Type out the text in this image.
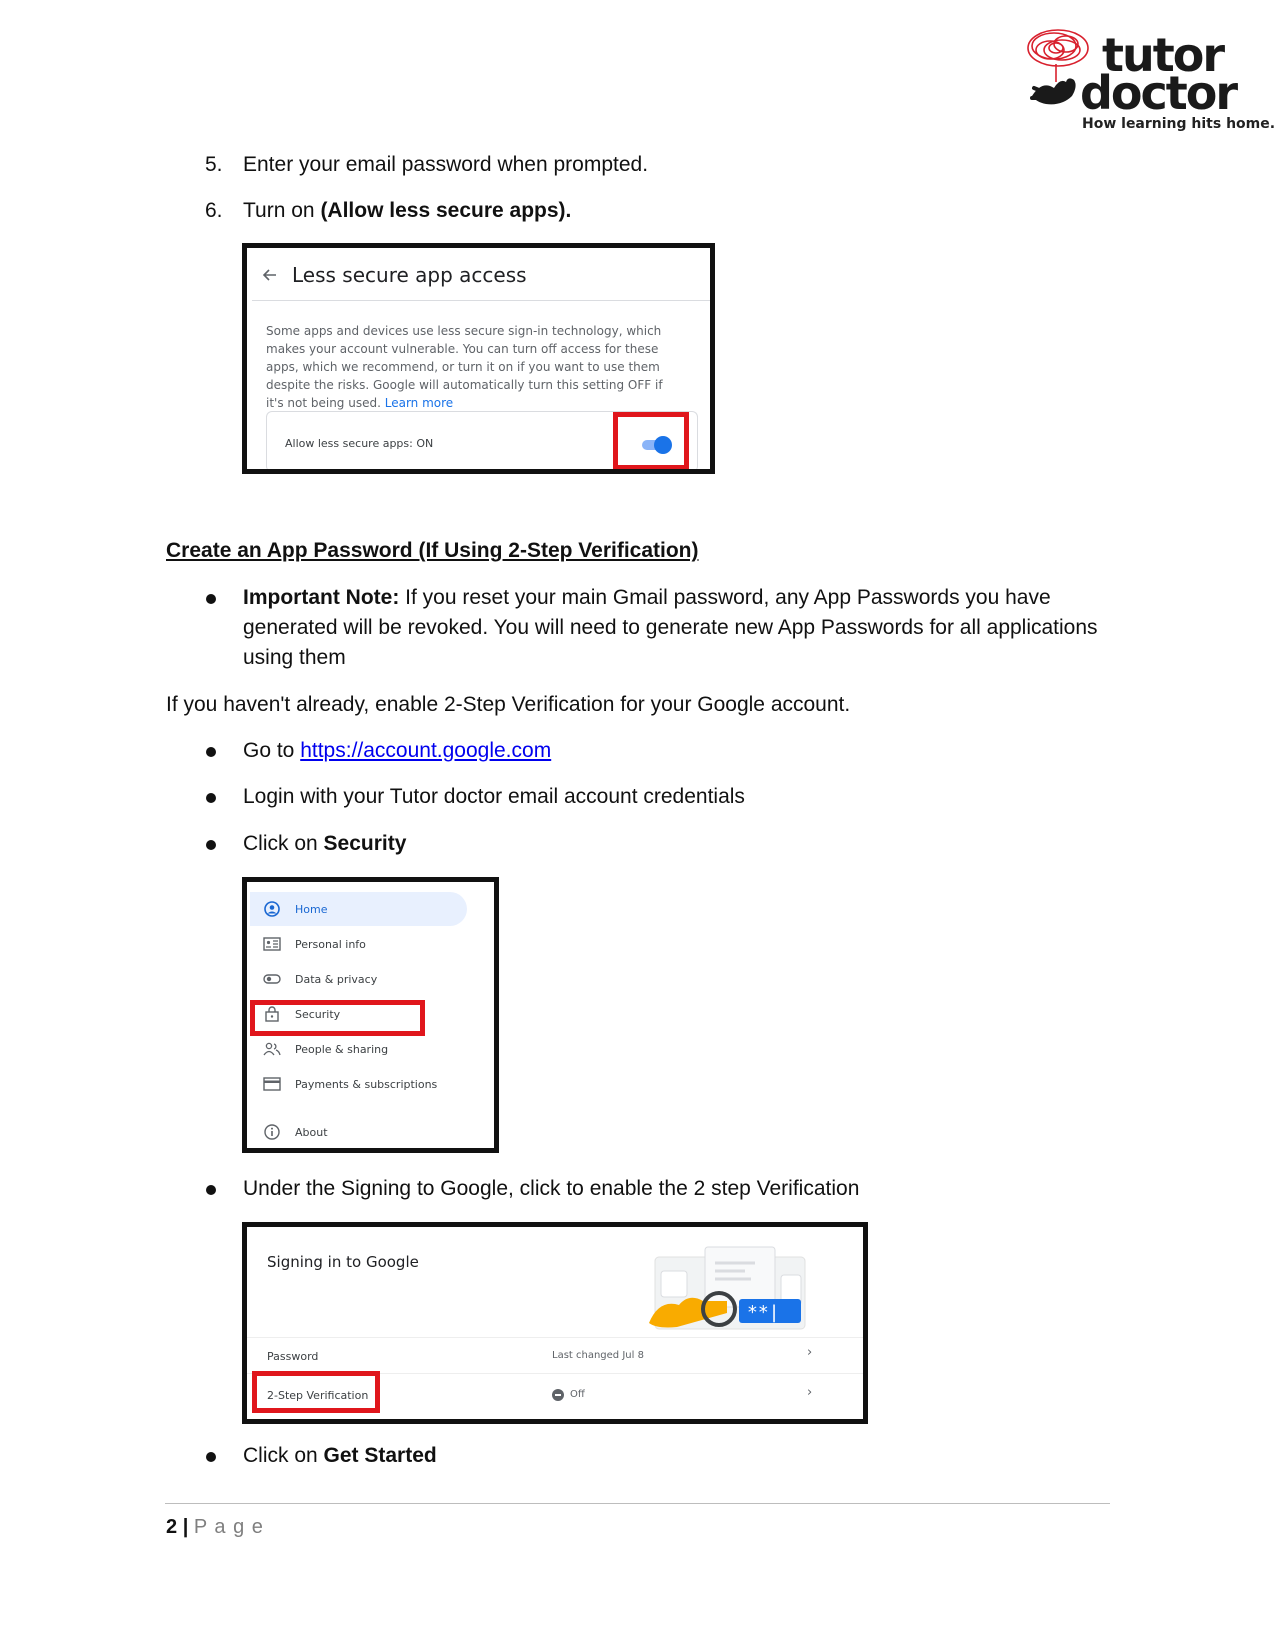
tutor
doctor
How learning hits home.
5. Enter your email password when prompted.
6. Turn on (Allow less secure apps).
Less secure app access
Some apps and devices use less secure sign-in technology, which makes your account vulnerable. You can turn off access for these apps, which we recommend, or turn it on if you want to use them despite the risks. Google will automatically turn this setting OFF if it's not being used. Learn more
Allow less secure apps: ON
Create an App Password (If Using 2-Step Verification)
Important Note: If you reset your main Gmail password, any App Passwords you have
generated will be revoked. You will need to generate new App Passwords for all applications
using them
If you haven't already, enable 2-Step Verification for your Google account.
Go to https://account.google.com
Login with your Tutor doctor email account credentials
Click on Security
Home
Personal info
Data & privacy
Security
People & sharing
Payments & subscriptions
About
Under the Signing to Google, click to enable the 2 step Verification
Signing in to Google
**|
Password	Last changed Jul 8	›
2-Step Verification	Off	›
Click on Get Started
2 | P a g e
